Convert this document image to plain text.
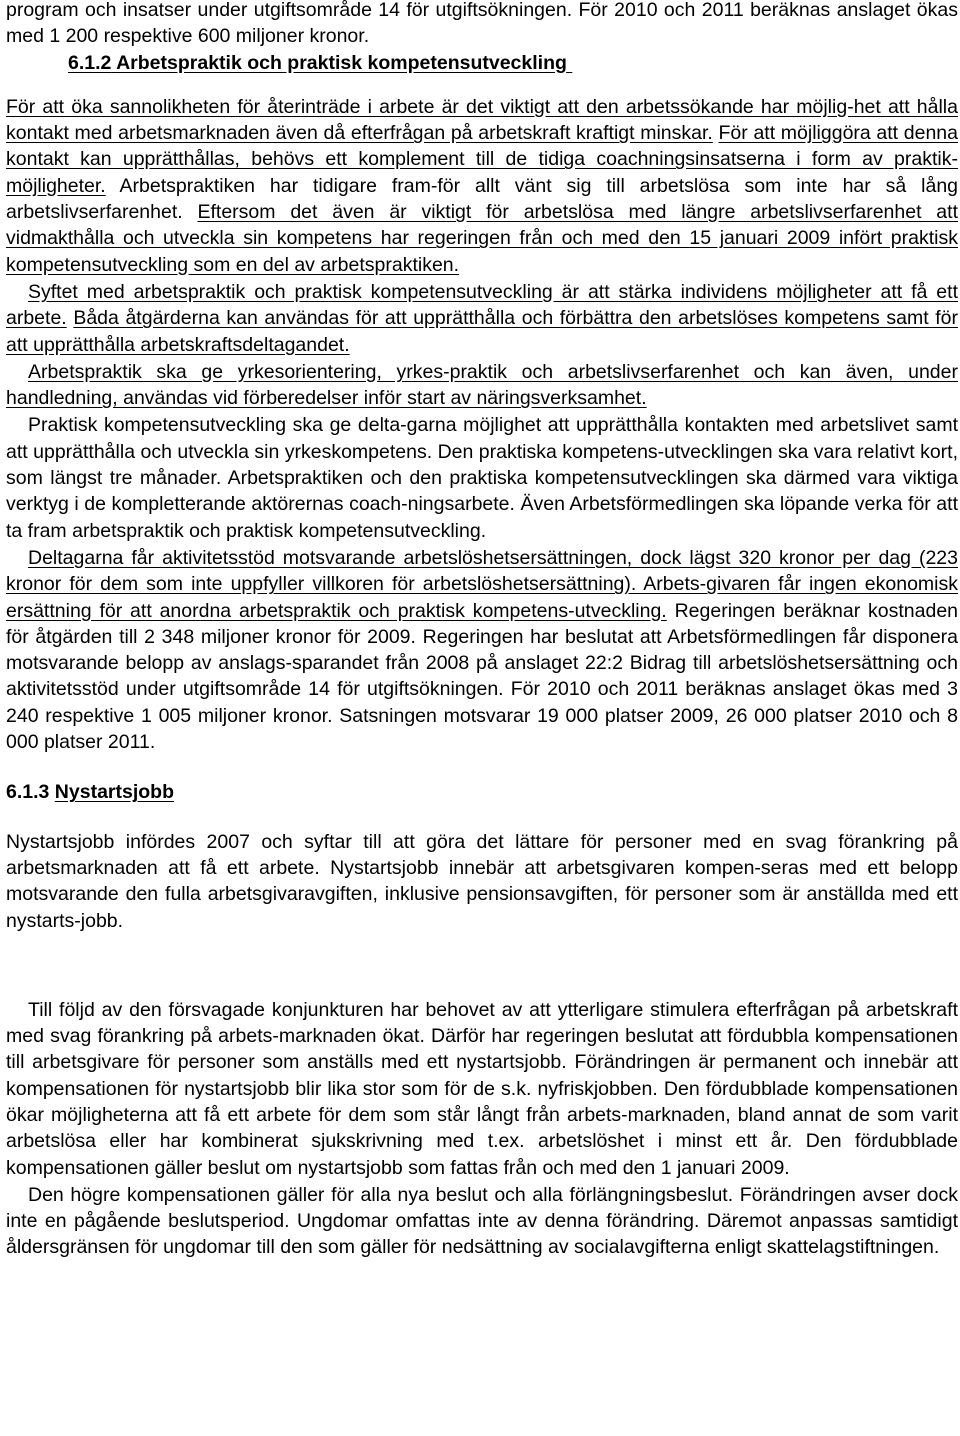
program och insatser under utgiftsområde 14 för utgiftsökningen. För 2010 och 2011 beräknas anslaget ökas med 1 200 respektive 600 miljoner kronor.

6.1.2 Arbetspraktik och praktisk kompetensutveckling

För att öka sannolikheten för återinträde i arbete är det viktigt att den arbetssökande har möjlig-het att hålla kontakt med arbetsmarknaden även då efterfrågan på arbetskraft kraftigt minskar. För att möjliggöra att denna kontakt kan upprätthållas, behövs ett komplement till de tidiga coachningsinsatserna i form av praktik-möjligheter. Arbetspraktiken har tidigare fram-för allt vänt sig till arbetslösa som inte har så lång arbetslivserfarenhet. Eftersom det även är viktigt för arbetslösa med längre arbetslivserfarenhet att vidmakthålla och utveckla sin kompetens har regeringen från och med den 15 januari 2009 infört praktisk kompetensutveckling som en del av arbetspraktiken.

Syftet med arbetspraktik och praktisk kompetensutveckling är att stärka individens möjligheter att få ett arbete. Båda åtgärderna kan användas för att upprätthålla och förbättra den arbetslöses kompetens samt för att upprätthålla arbetskraftsdeltagandet.

Arbetspraktik ska ge yrkesorientering, yrkes-praktik och arbetslivserfarenhet och kan även, under handledning, användas vid förberedelser inför start av näringsverksamhet.

Praktisk kompetensutveckling ska ge delta-garna möjlighet att upprätthålla kontakten med arbetslivet samt att upprätthålla och utveckla sin yrkeskompetens. Den praktiska kompetens-utvecklingen ska vara relativt kort, som längst tre månader. Arbetspraktiken och den praktiska kompetensutvecklingen ska därmed vara viktiga verktyg i de kompletterande aktörernas coach-ningsarbete. Även Arbetsförmedlingen ska löpande verka för att ta fram arbetspraktik och praktisk kompetensutveckling.

Deltagarna får aktivitetsstöd motsvarande arbetslöshetsersättningen, dock lägst 320 kronor per dag (223 kronor för dem som inte uppfyller villkoren för arbetslöshetsersättning). Arbets-givaren får ingen ekonomisk ersättning för att anordna arbetspraktik och praktisk kompetens-utveckling. Regeringen beräknar kostnaden för åtgärden till 2 348 miljoner kronor för 2009. Regeringen har beslutat att Arbetsförmedlingen får disponera motsvarande belopp av anslags-sparandet från 2008 på anslaget 22:2 Bidrag till arbetslöshetsersättning och aktivitetsstöd under utgiftsområde 14 för utgiftsökningen. För 2010 och 2011 beräknas anslaget ökas med 3 240 respektive 1 005 miljoner kronor. Satsningen motsvarar 19 000 platser 2009, 26 000 platser 2010 och 8 000 platser 2011.

6.1.3 Nystartsjobb

Nystartsjobb infördes 2007 och syftar till att göra det lättare för personer med en svag förankring på arbetsmarknaden att få ett arbete. Nystartsjobb innebär att arbetsgivaren kompen-seras med ett belopp motsvarande den fulla arbetsgivaravgiften, inklusive pensionsavgiften, för personer som är anställda med ett nystarts-jobb.

Till följd av den försvagade konjunkturen har behovet av att ytterligare stimulera efterfrågan på arbetskraft med svag förankring på arbets-marknaden ökat. Därför har regeringen beslutat att fördubbla kompensationen till arbetsgivare för personer som anställs med ett nystartsjobb. Förändringen är permanent och innebär att kompensationen för nystartsjobb blir lika stor som för de s.k. nyfriskjobben. Den fördubblade kompensationen ökar möjligheterna att få ett arbete för dem som står långt från arbets-marknaden, bland annat de som varit arbetslösa eller har kombinerat sjukskrivning med t.ex. arbetslöshet i minst ett år. Den fördubblade kompensationen gäller beslut om nystartsjobb som fattas från och med den 1 januari 2009.

Den högre kompensationen gäller för alla nya beslut och alla förlängningsbeslut. Förändringen avser dock inte en pågående beslutsperiod. Ungdomar omfattas inte av denna förändring. Däremot anpassas samtidigt åldersgränsen för ungdomar till den som gäller för nedsättning av socialavgifterna enligt skattelagstiftningen.
